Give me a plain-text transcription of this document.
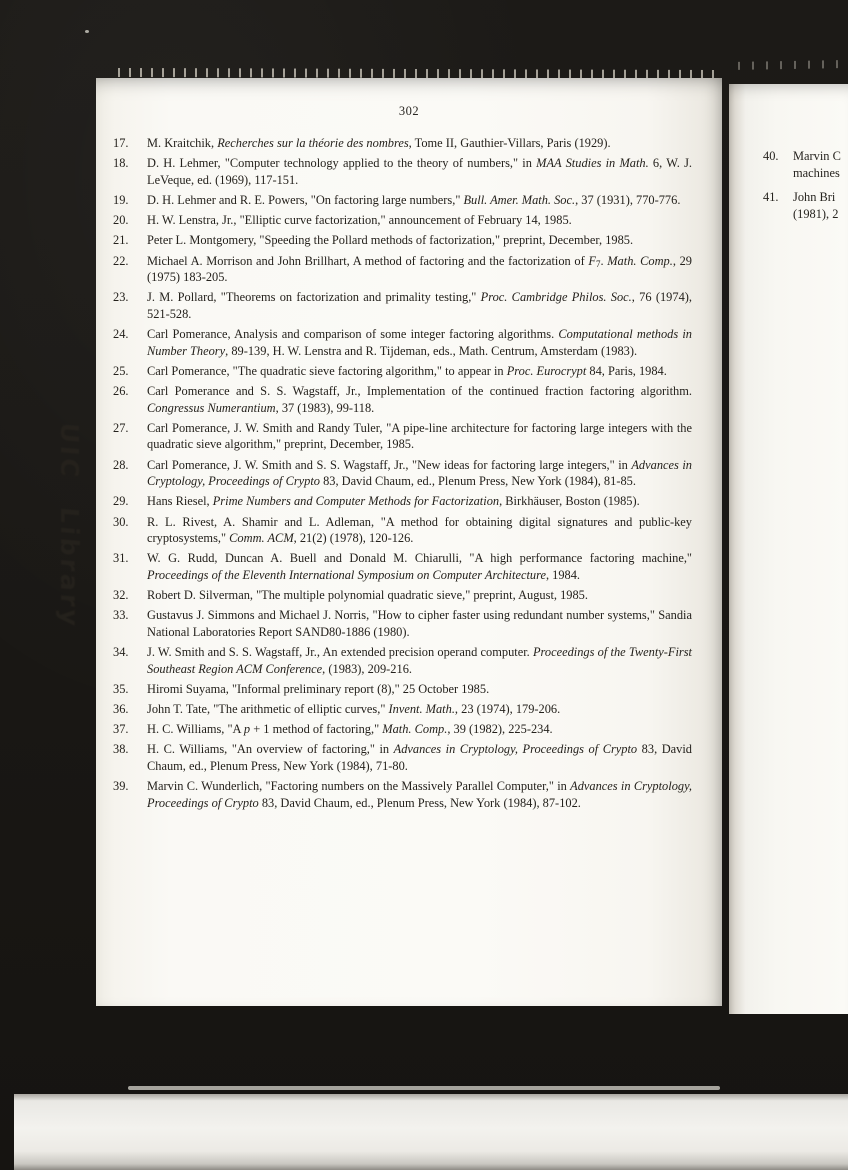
UIC Library
302
17.	M. Kraitchik, Recherches sur la théorie des nombres, Tome II, Gauthier-Villars, Paris (1929).
18.	D. H. Lehmer, "Computer technology applied to the theory of numbers," in MAA Studies in Math. 6, W. J. LeVeque, ed. (1969), 117-151.
19.	D. H. Lehmer and R. E. Powers, "On factoring large numbers," Bull. Amer. Math. Soc., 37 (1931), 770-776.
20.	H. W. Lenstra, Jr., "Elliptic curve factorization," announcement of February 14, 1985.
21.	Peter L. Montgomery, "Speeding the Pollard methods of factorization," preprint, December, 1985.
22.	Michael A. Morrison and John Brillhart, A method of factoring and the factorization of $F_7$. Math. Comp., 29 (1975) 183-205.
23.	J. M. Pollard, "Theorems on factorization and primality testing," Proc. Cambridge Philos. Soc., 76 (1974), 521-528.
24.	Carl Pomerance, Analysis and comparison of some integer factoring algorithms. Computational methods in Number Theory, 89-139, H. W. Lenstra and R. Tijdeman, eds., Math. Centrum, Amsterdam (1983).
25.	Carl Pomerance, "The quadratic sieve factoring algorithm," to appear in Proc. Eurocrypt 84, Paris, 1984.
26.	Carl Pomerance and S. S. Wagstaff, Jr., Implementation of the continued fraction factoring algorithm. Congressus Numerantium, 37 (1983), 99-118.
27.	Carl Pomerance, J. W. Smith and Randy Tuler, "A pipe-line architecture for factoring large integers with the quadratic sieve algorithm," preprint, December, 1985.
28.	Carl Pomerance, J. W. Smith and S. S. Wagstaff, Jr., "New ideas for factoring large integers," in Advances in Cryptology, Proceedings of Crypto 83, David Chaum, ed., Plenum Press, New York (1984), 81-85.
29.	Hans Riesel, Prime Numbers and Computer Methods for Factorization, Birkhäuser, Boston (1985).
30.	R. L. Rivest, A. Shamir and L. Adleman, "A method for obtaining digital signatures and public-key cryptosystems," Comm. ACM, 21(2) (1978), 120-126.
31.	W. G. Rudd, Duncan A. Buell and Donald M. Chiarulli, "A high performance factoring machine," Proceedings of the Eleventh International Symposium on Computer Architecture, 1984.
32.	Robert D. Silverman, "The multiple polynomial quadratic sieve," preprint, August, 1985.
33.	Gustavus J. Simmons and Michael J. Norris, "How to cipher faster using redundant number systems," Sandia National Laboratories Report SAND80-1886 (1980).
34.	J. W. Smith and S. S. Wagstaff, Jr., An extended precision operand computer. Proceedings of the Twenty-First Southeast Region ACM Conference, (1983), 209-216.
35.	Hiromi Suyama, "Informal preliminary report (8)," 25 October 1985.
36.	John T. Tate, "The arithmetic of elliptic curves," Invent. Math., 23 (1974), 179-206.
37.	H. C. Williams, "A p + 1 method of factoring," Math. Comp., 39 (1982), 225-234.
38.	H. C. Williams, "An overview of factoring," in Advances in Cryptology, Proceedings of Crypto 83, David Chaum, ed., Plenum Press, New York (1984), 71-80.
39.	Marvin C. Wunderlich, "Factoring numbers on the Massively Parallel Computer," in Advances in Cryptology, Proceedings of Crypto 83, David Chaum, ed., Plenum Press, New York (1984), 87-102.
40.	Marvin C
machines
41.	John Bri
(1981), 2
